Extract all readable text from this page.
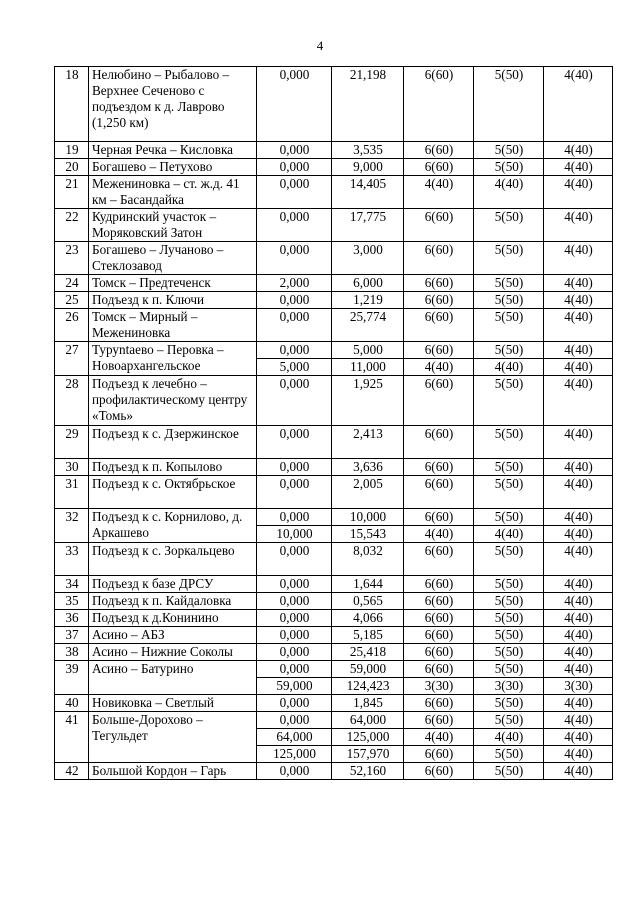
4
18	Нелюбино – Рыбалово – Верхнее Сеченово с подъездом к д. Лаврово (1,250 км)	0,000	21,198	6(60)	5(50)	4(40)
19	Черная Речка – Кисловка	0,000	3,535	6(60)	5(50)	4(40)
20	Богашево – Петухово	0,000	9,000	6(60)	5(50)	4(40)
21	Межениновка – ст. ж.д. 41 км – Басандайка	0,000	14,405	4(40)	4(40)	4(40)
22	Кудринский участок – Моряковский Затон	0,000	17,775	6(60)	5(50)	4(40)
23	Богашево – Лучаново – Стеклозавод	0,000	3,000	6(60)	5(50)	4(40)
24	Томск – Предтеченск	2,000	6,000	6(60)	5(50)	4(40)
25	Подъезд к п. Ключи	0,000	1,219	6(60)	5(50)	4(40)
26	Томск – Мирный – Межениновка	0,000	25,774	6(60)	5(50)	4(40)
27	Туруntaево – Перовка – Новоархангельское	0,000	5,000	6(60)	5(50)	4(40)
		5,000	11,000	4(40)	4(40)	4(40)
28	Подъезд к лечебно – профилактическому центру «Томь»	0,000	1,925	6(60)	5(50)	4(40)
29	Подъезд к с. Дзержинское	0,000	2,413	6(60)	5(50)	4(40)
30	Подъезд к п. Копылово	0,000	3,636	6(60)	5(50)	4(40)
31	Подъезд к с. Октябрьское	0,000	2,005	6(60)	5(50)	4(40)
32	Подъезд к с. Корнилово, д. Аркашево	0,000	10,000	6(60)	5(50)	4(40)
		10,000	15,543	4(40)	4(40)	4(40)
33	Подъезд к с. Зоркальцево	0,000	8,032	6(60)	5(50)	4(40)
34	Подъезд к базе ДРСУ	0,000	1,644	6(60)	5(50)	4(40)
35	Подъезд к п. Кайдаловка	0,000	0,565	6(60)	5(50)	4(40)
36	Подъезд к д.Конинино	0,000	4,066	6(60)	5(50)	4(40)
37	Асино – АБЗ	0,000	5,185	6(60)	5(50)	4(40)
38	Асино – Нижние Соколы	0,000	25,418	6(60)	5(50)	4(40)
39	Асино – Батурино	0,000	59,000	6(60)	5(50)	4(40)
		59,000	124,423	3(30)	3(30)	3(30)
40	Новиковка – Светлый	0,000	1,845	6(60)	5(50)	4(40)
41	Больше-Дорохово – Тегульдет	0,000	64,000	6(60)	5(50)	4(40)
		64,000	125,000	4(40)	4(40)	4(40)
		125,000	157,970	6(60)	5(50)	4(40)
42	Большой Кордон – Гарь	0,000	52,160	6(60)	5(50)	4(40)
